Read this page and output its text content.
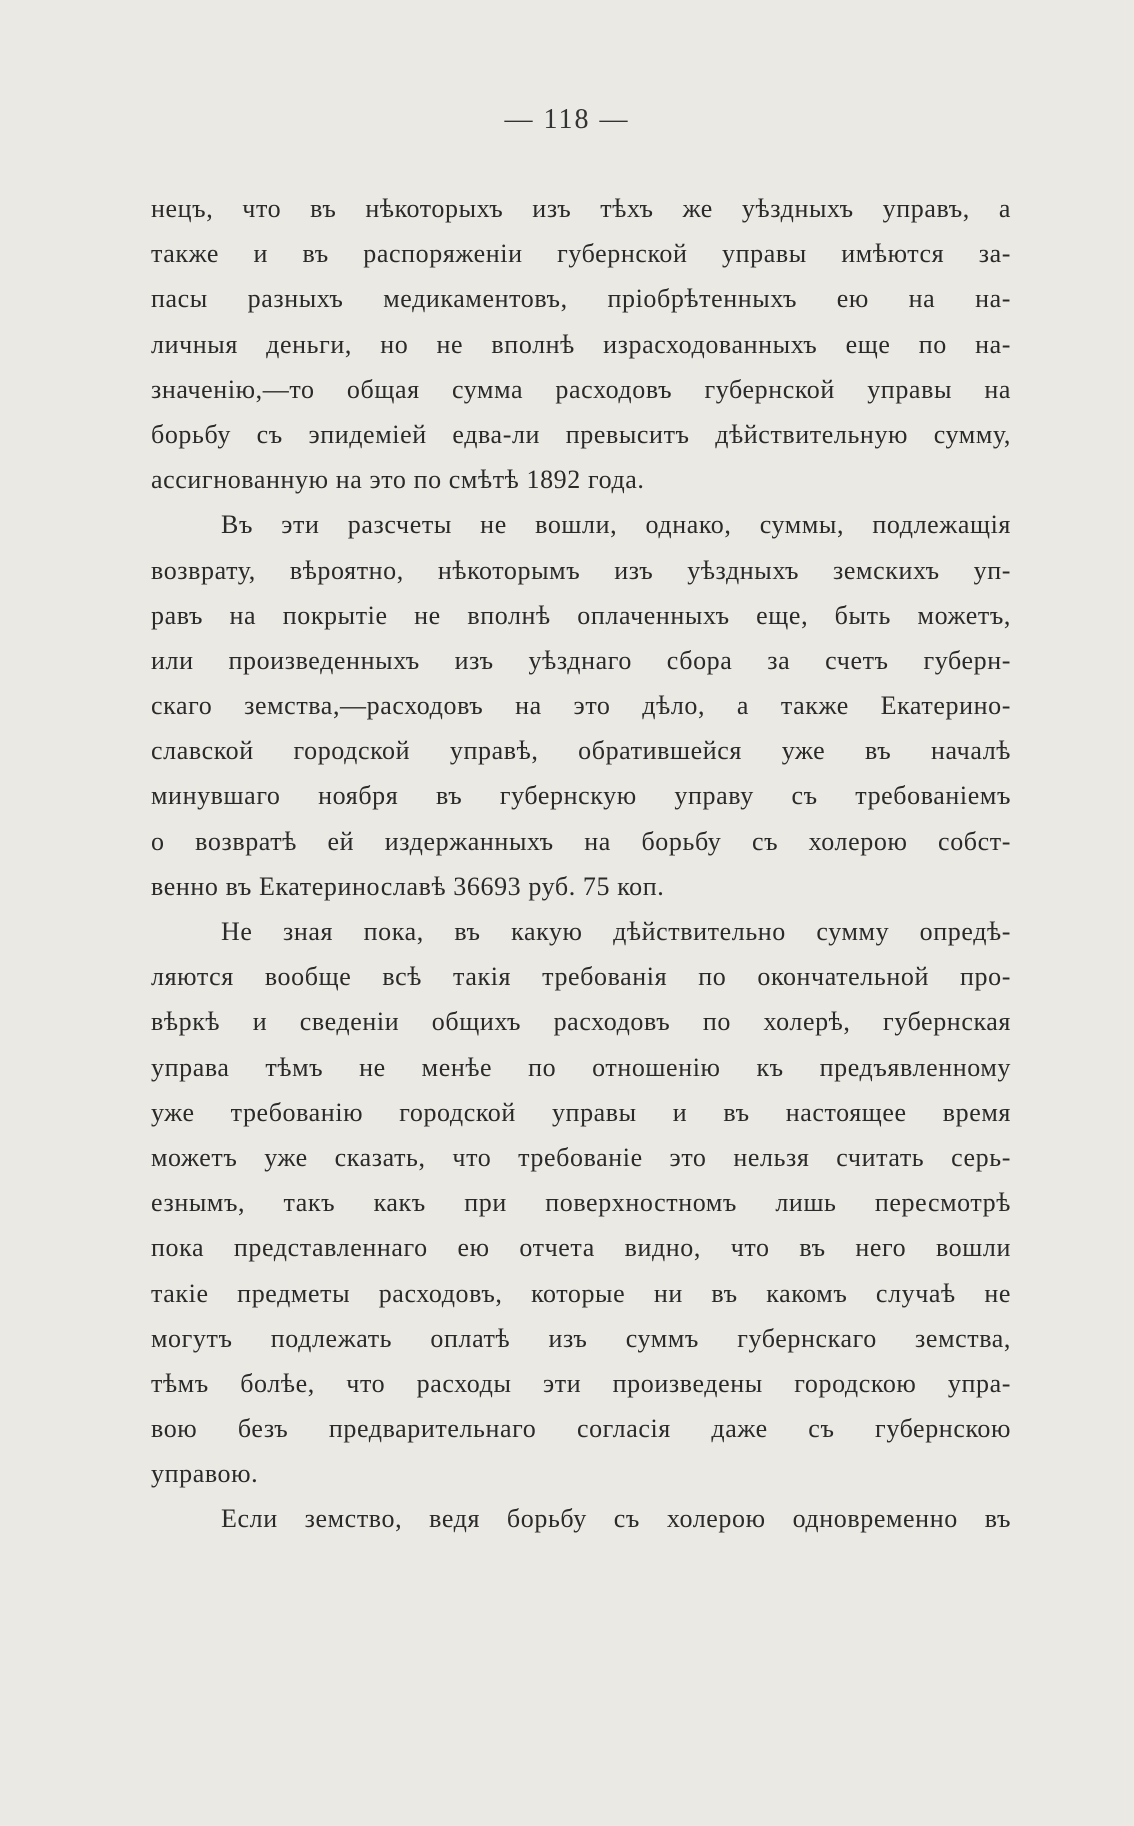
— 118 —
нецъ, что въ нѣкоторыхъ изъ тѣхъ же уѣздныхъ управъ, а
также и въ распоряженіи губернской управы имѣются за-
пасы разныхъ медикаментовъ, пріобрѣтенныхъ ею на на-
личныя деньги, но не вполнѣ израсходованныхъ еще по на-
значенію,—то общая сумма расходовъ губернской управы на
борьбу съ эпидеміей едва-ли превыситъ дѣйствительную сумму,
ассигнованную на это по смѣтѣ 1892 года.
Въ эти разсчеты не вошли, однако, суммы, подлежащія
возврату, вѣроятно, нѣкоторымъ изъ уѣздныхъ земскихъ уп-
равъ на покрытіе не вполнѣ оплаченныхъ еще, быть можетъ,
или произведенныхъ изъ уѣзднаго сбора за счетъ губерн-
скаго земства,—расходовъ на это дѣло, а также Екатерино-
славской городской управѣ, обратившейся уже въ началѣ
минувшаго ноября въ губернскую управу съ требованіемъ
о возвратѣ ей издержанныхъ на борьбу съ холерою собст-
венно въ Екатеринославѣ 36693 руб. 75 коп.
Не зная пока, въ какую дѣйствительно сумму опредѣ-
ляются вообще всѣ такія требованія по окончательной про-
вѣркѣ и сведеніи общихъ расходовъ по холерѣ, губернская
управа тѣмъ не менѣе по отношенію къ предъявленному
уже требованію городской управы и въ настоящее время
можетъ уже сказать, что требованіе это нельзя считать серь-
езнымъ, такъ какъ при поверхностномъ лишь пересмотрѣ
пока представленнаго ею отчета видно, что въ него вошли
такіе предметы расходовъ, которые ни въ какомъ случаѣ не
могутъ подлежать оплатѣ изъ суммъ губернскаго земства,
тѣмъ болѣе, что расходы эти произведены городскою упра-
вою безъ предварительнаго согласія даже съ губернскою
управою.
Если земство, ведя борьбу съ холерою одновременно въ
